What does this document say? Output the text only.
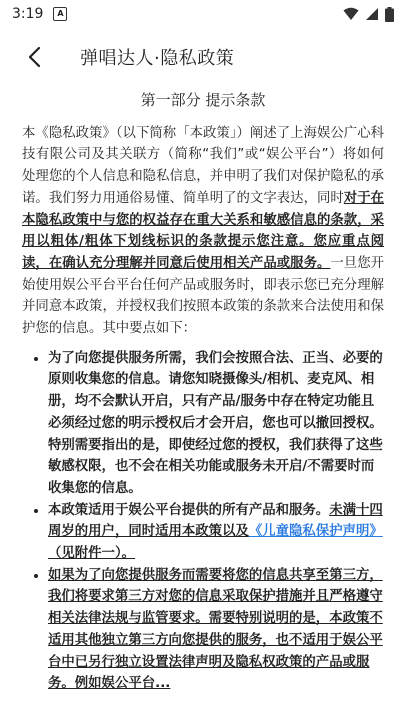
3:19	A
弹唱达人·隐私政策
第一部分 提示条款

本《隐私政策》（以下简称「本政策」）阐述了上海娱公广心科技有限公司及其关联方（简称“我们”或“娱公平台”）将如何处理您的个人信息和隐私信息，并申明了我们对保护隐私的承诺。我们努力用通俗易懂、简单明了的文字表达，同时对于在本隐私政策中与您的权益存在重大关系和敏感信息的条款，采用以粗体/粗体下划线标识的条款提示您注意。您应重点阅读，在确认充分理解并同意后使用相关产品或服务。一旦您开始使用娱公平台平台任何产品或服务时，即表示您已充分理解并同意本政策，并授权我们按照本政策的条款来合法使用和保护您的信息。其中要点如下：

• 为了向您提供服务所需，我们会按照合法、正当、必要的原则收集您的信息。请您知晓摄像头/相机、麦克风、相册，均不会默认开启，只有产品/服务中存在特定功能且必须经过您的明示授权后才会开启，您也可以撤回授权。特别需要指出的是，即使经过您的授权，我们获得了这些敏感权限，也不会在相关功能或服务未开启/不需要时而收集您的信息。
• 本政策适用于娱公平台提供的所有产品和服务。未满十四周岁的用户，同时适用本政策以及《儿童隐私保护声明》（见附件一）。
• 如果为了向您提供服务而需要将您的信息共享至第三方，我们将要求第三方对您的信息采取保护措施并且严格遵守相关法律法规与监管要求。需要特别说明的是，本政策不适用其他独立第三方向您提供的服务，也不适用于娱公平台中已另行独立设置法律声明及隐私权政策的产品或服务。例如娱公平台...
